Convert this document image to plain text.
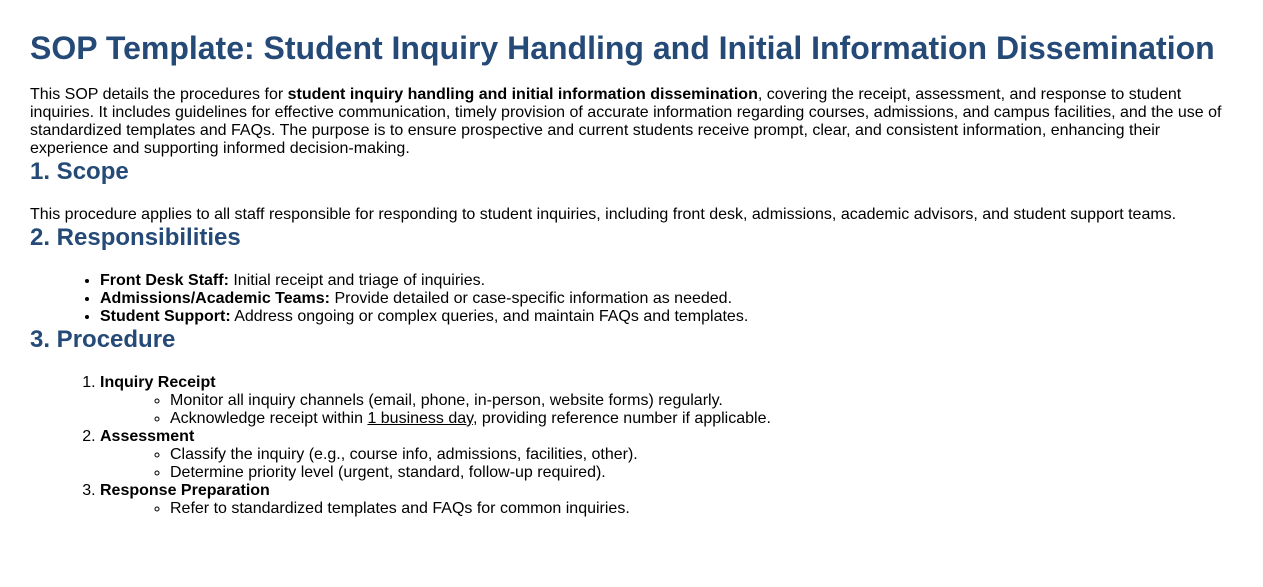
SOP Template: Student Inquiry Handling and Initial Information Dissemination

This SOP details the procedures for student inquiry handling and initial information dissemination, covering the receipt, assessment, and response to student inquiries. It includes guidelines for effective communication, timely provision of accurate information regarding courses, admissions, and campus facilities, and the use of standardized templates and FAQs. The purpose is to ensure prospective and current students receive prompt, clear, and consistent information, enhancing their experience and supporting informed decision-making.

1. Scope

This procedure applies to all staff responsible for responding to student inquiries, including front desk, admissions, academic advisors, and student support teams.

2. Responsibilities
• Front Desk Staff: Initial receipt and triage of inquiries.
• Admissions/Academic Teams: Provide detailed or case-specific information as needed.
• Student Support: Address ongoing or complex queries, and maintain FAQs and templates.
3. Procedure
1. Inquiry Receipt
◦ Monitor all inquiry channels (email, phone, in-person, website forms) regularly.
◦ Acknowledge receipt within 1 business day, providing reference number if applicable.
2. Assessment
◦ Classify the inquiry (e.g., course info, admissions, facilities, other).
◦ Determine priority level (urgent, standard, follow-up required).
3. Response Preparation
◦ Refer to standardized templates and FAQs for common inquiries.
